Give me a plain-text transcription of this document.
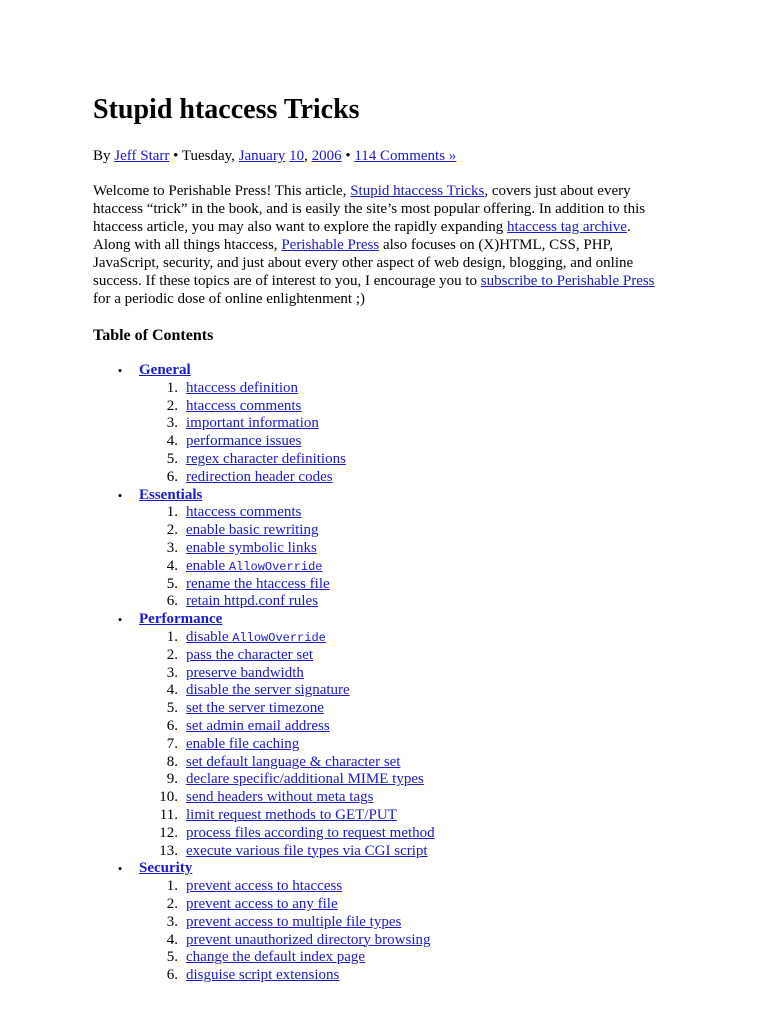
Stupid htaccess Tricks

By Jeff Starr • Tuesday, January 10, 2006 • 114 Comments »

Welcome to Perishable Press! This article, Stupid htaccess Tricks, covers just about every
htaccess “trick” in the book, and is easily the site’s most popular offering. In addition to this
htaccess article, you may also want to explore the rapidly expanding htaccess tag archive.
Along with all things htaccess, Perishable Press also focuses on (X)HTML, CSS, PHP,
JavaScript, security, and just about every other aspect of web design, blogging, and online
success. If these topics are of interest to you, I encourage you to subscribe to Perishable Press
for a periodic dose of online enlightenment ;)

Table of Contents
• General
1. htaccess definition
2. htaccess comments
3. important information
4. performance issues
5. regex character definitions
6. redirection header codes
• Essentials
1. htaccess comments
2. enable basic rewriting
3. enable symbolic links
4. enable AllowOverride
5. rename the htaccess file
6. retain httpd.conf rules
• Performance
1. disable AllowOverride
2. pass the character set
3. preserve bandwidth
4. disable the server signature
5. set the server timezone
6. set admin email address
7. enable file caching
8. set default language & character set
9. declare specific/additional MIME types
10. send headers without meta tags
11. limit request methods to GET/PUT
12. process files according to request method
13. execute various file types via CGI script
• Security
1. prevent access to htaccess
2. prevent access to any file
3. prevent access to multiple file types
4. prevent unauthorized directory browsing
5. change the default index page
6. disguise script extensions
